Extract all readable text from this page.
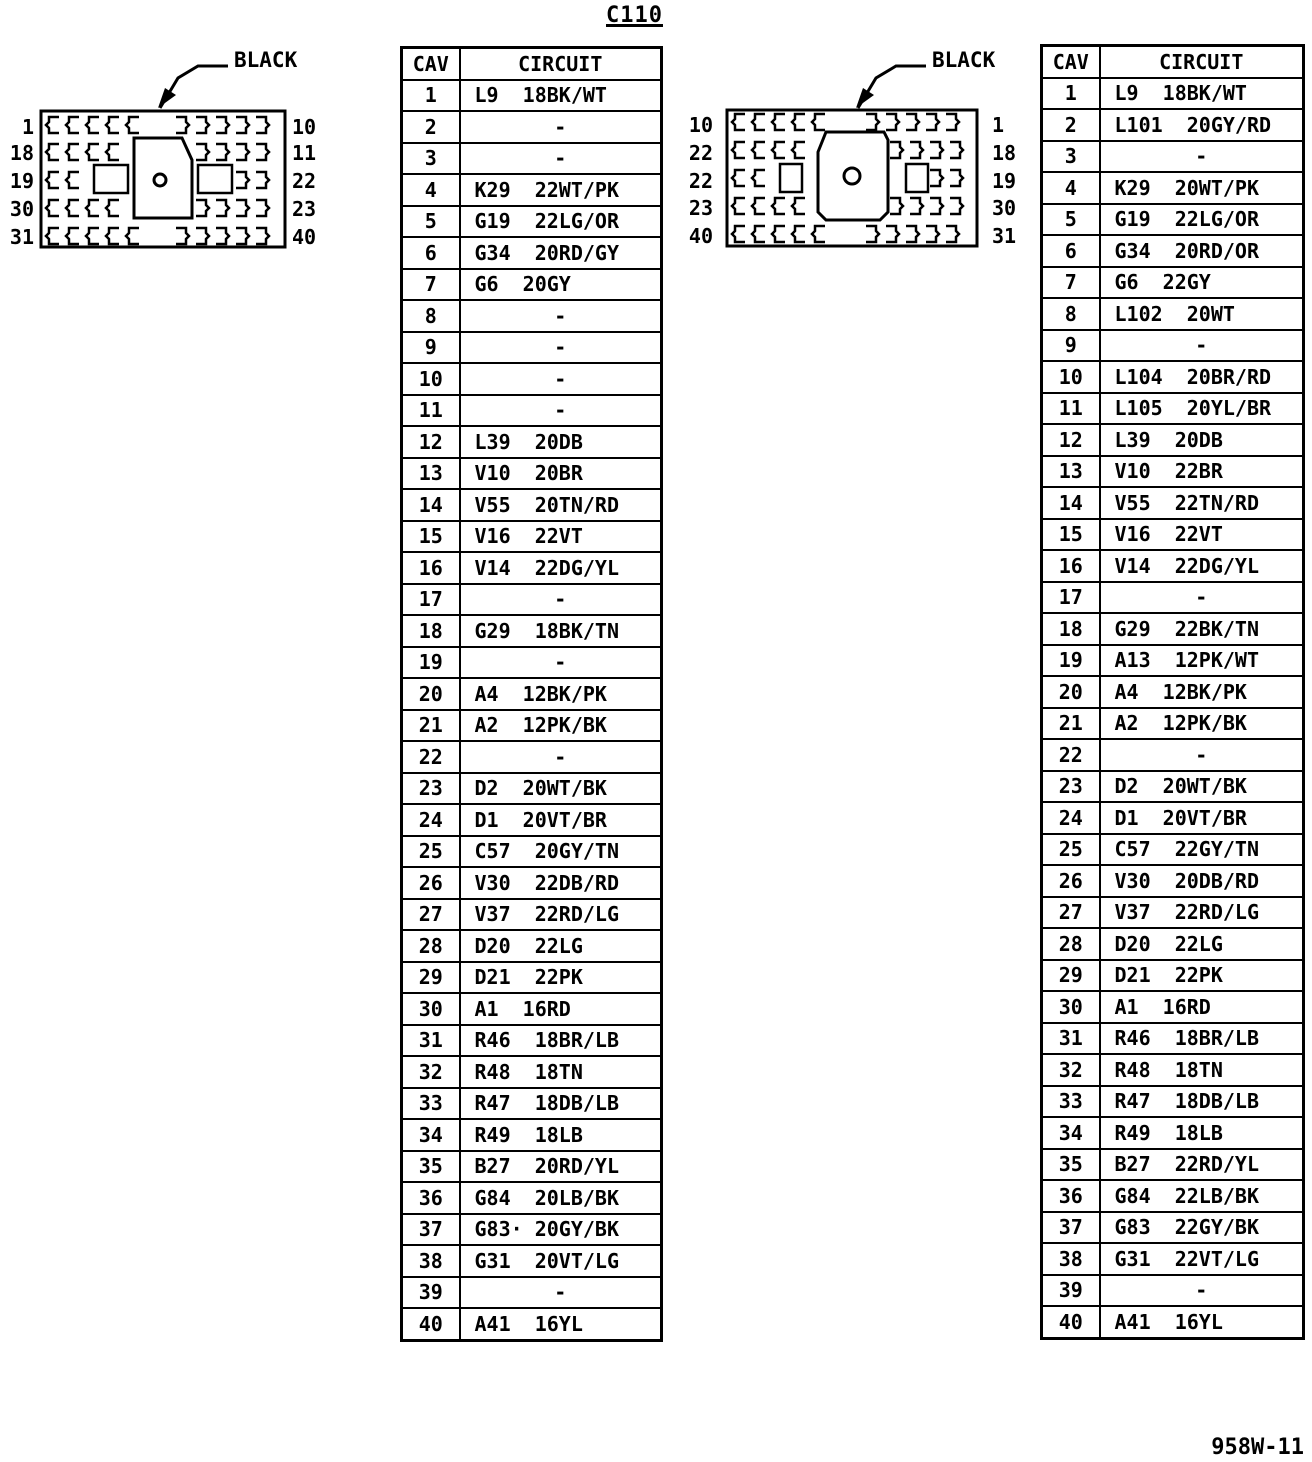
C110
BLACK
1
18
19
30
31
10
11
22
23
40
BLACK
10
22
22
23
40
1
18
19
30
31
CAV	CIRCUIT
1	L9  18BK/WT
2	-
3	-
4	K29  22WT/PK
5	G19  22LG/OR
6	G34  20RD/GY
7	G6  20GY
8	-
9	-
10	-
11	-
12	L39  20DB
13	V10  20BR
14	V55  20TN/RD
15	V16  22VT
16	V14  22DG/YL
17	-
18	G29  18BK/TN
19	-
20	A4  12BK/PK
21	A2  12PK/BK
22	-
23	D2  20WT/BK
24	D1  20VT/BR
25	C57  20GY/TN
26	V30  22DB/RD
27	V37  22RD/LG
28	D20  22LG
29	D21  22PK
30	A1  16RD
31	R46  18BR/LB
32	R48  18TN
33	R47  18DB/LB
34	R49  18LB
35	B27  20RD/YL
36	G84  20LB/BK
37	G83· 20GY/BK
38	G31  20VT/LG
39	-
40	A41  16YL
CAV	CIRCUIT
1	L9  18BK/WT
2	L101  20GY/RD
3	-
4	K29  20WT/PK
5	G19  22LG/OR
6	G34  20RD/OR
7	G6  22GY
8	L102  20WT
9	-
10	L104  20BR/RD
11	L105  20YL/BR
12	L39  20DB
13	V10  22BR
14	V55  22TN/RD
15	V16  22VT
16	V14  22DG/YL
17	-
18	G29  22BK/TN
19	A13  12PK/WT
20	A4  12BK/PK
21	A2  12PK/BK
22	-
23	D2  20WT/BK
24	D1  20VT/BR
25	C57  22GY/TN
26	V30  20DB/RD
27	V37  22RD/LG
28	D20  22LG
29	D21  22PK
30	A1  16RD
31	R46  18BR/LB
32	R48  18TN
33	R47  18DB/LB
34	R49  18LB
35	B27  22RD/YL
36	G84  22LB/BK
37	G83  22GY/BK
38	G31  22VT/LG
39	-
40	A41  16YL
958W-11
